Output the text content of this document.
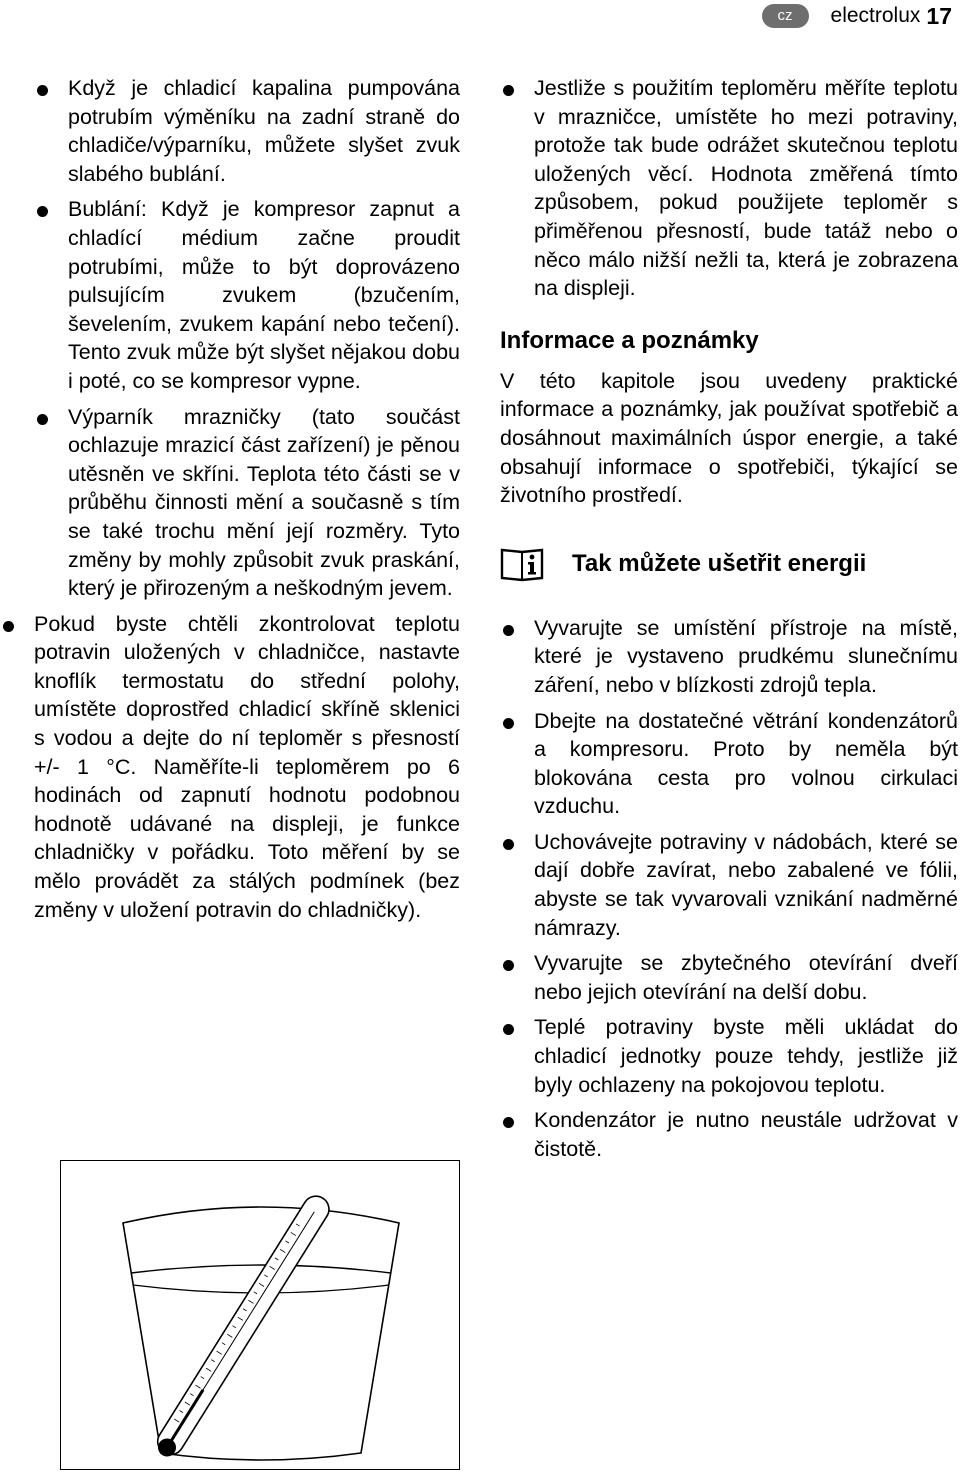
cz	electrolux 17
Když je chladicí kapalina pumpována potrubím výměníku na zadní straně do chladiče/výparníku, můžete slyšet zvuk slabého bublání.
Bublání: Když je kompresor zapnut a chladící médium začne proudit potrubími, může to být doprovázeno pulsujícím zvukem (bzučením, ševelením, zvukem kapání nebo tečení). Tento zvuk může být slyšet nějakou dobu i poté, co se kompresor vypne.
Výparník mrazničky (tato součást ochlazuje mrazicí část zařízení) je pěnou utěsněn ve skříni. Teplota této části se v průběhu činnosti mění a současně s tím se také trochu mění její rozměry. Tyto změny by mohly způsobit zvuk praskání, který je přirozeným a neškodným jevem.
Pokud byste chtěli zkontrolovat teplotu potravin uložených v chladničce, nastavte knoflík termostatu do střední polohy, umístěte doprostřed chladicí skříně sklenici s vodou a dejte do ní teploměr s přesností +/- 1 °C. Naměříte-li teploměrem po 6 hodinách od zapnutí hodnotu podobnou hodnotě udávané na displeji, je funkce chladničky v pořádku. Toto měření by se mělo provádět za stálých podmínek (bez změny v uložení potravin do chladničky).
Jestliže s použitím teploměru měříte teplotu v mrazničce, umístěte ho mezi potraviny, protože tak bude odrážet skutečnou teplotu uložených věcí. Hodnota změřená tímto způsobem, pokud použijete teploměr s přiměřenou přesností, bude tatáž nebo o něco málo nižší nežli ta, která je zobrazena na displeji.
Informace a poznámky

V této kapitole jsou uvedeny praktické informace a poznámky, jak používat spotřebič a dosáhnout maximálních úspor energie, a také obsahují informace o spotřebiči, týkající se životního prostředí.

Tak můžete ušetřit energii
Vyvarujte se umístění přístroje na místě, které je vystaveno prudkému slunečnímu záření, nebo v blízkosti zdrojů tepla.
Dbejte na dostatečné větrání kondenzátorů a kompresoru. Proto by neměla být blokována cesta pro volnou cirkulaci vzduchu.
Uchovávejte potraviny v nádobách, které se dají dobře zavírat, nebo zabalené ve fólii, abyste se tak vyvarovali vznikání nadměrné námrazy.
Vyvarujte se zbytečného otevírání dveří nebo jejich otevírání na delší dobu.
Teplé potraviny byste měli ukládat do chladicí jednotky pouze tehdy, jestliže již byly ochlazeny na pokojovou teplotu.
Kondenzátor je nutno neustále udržovat v čistotě.
